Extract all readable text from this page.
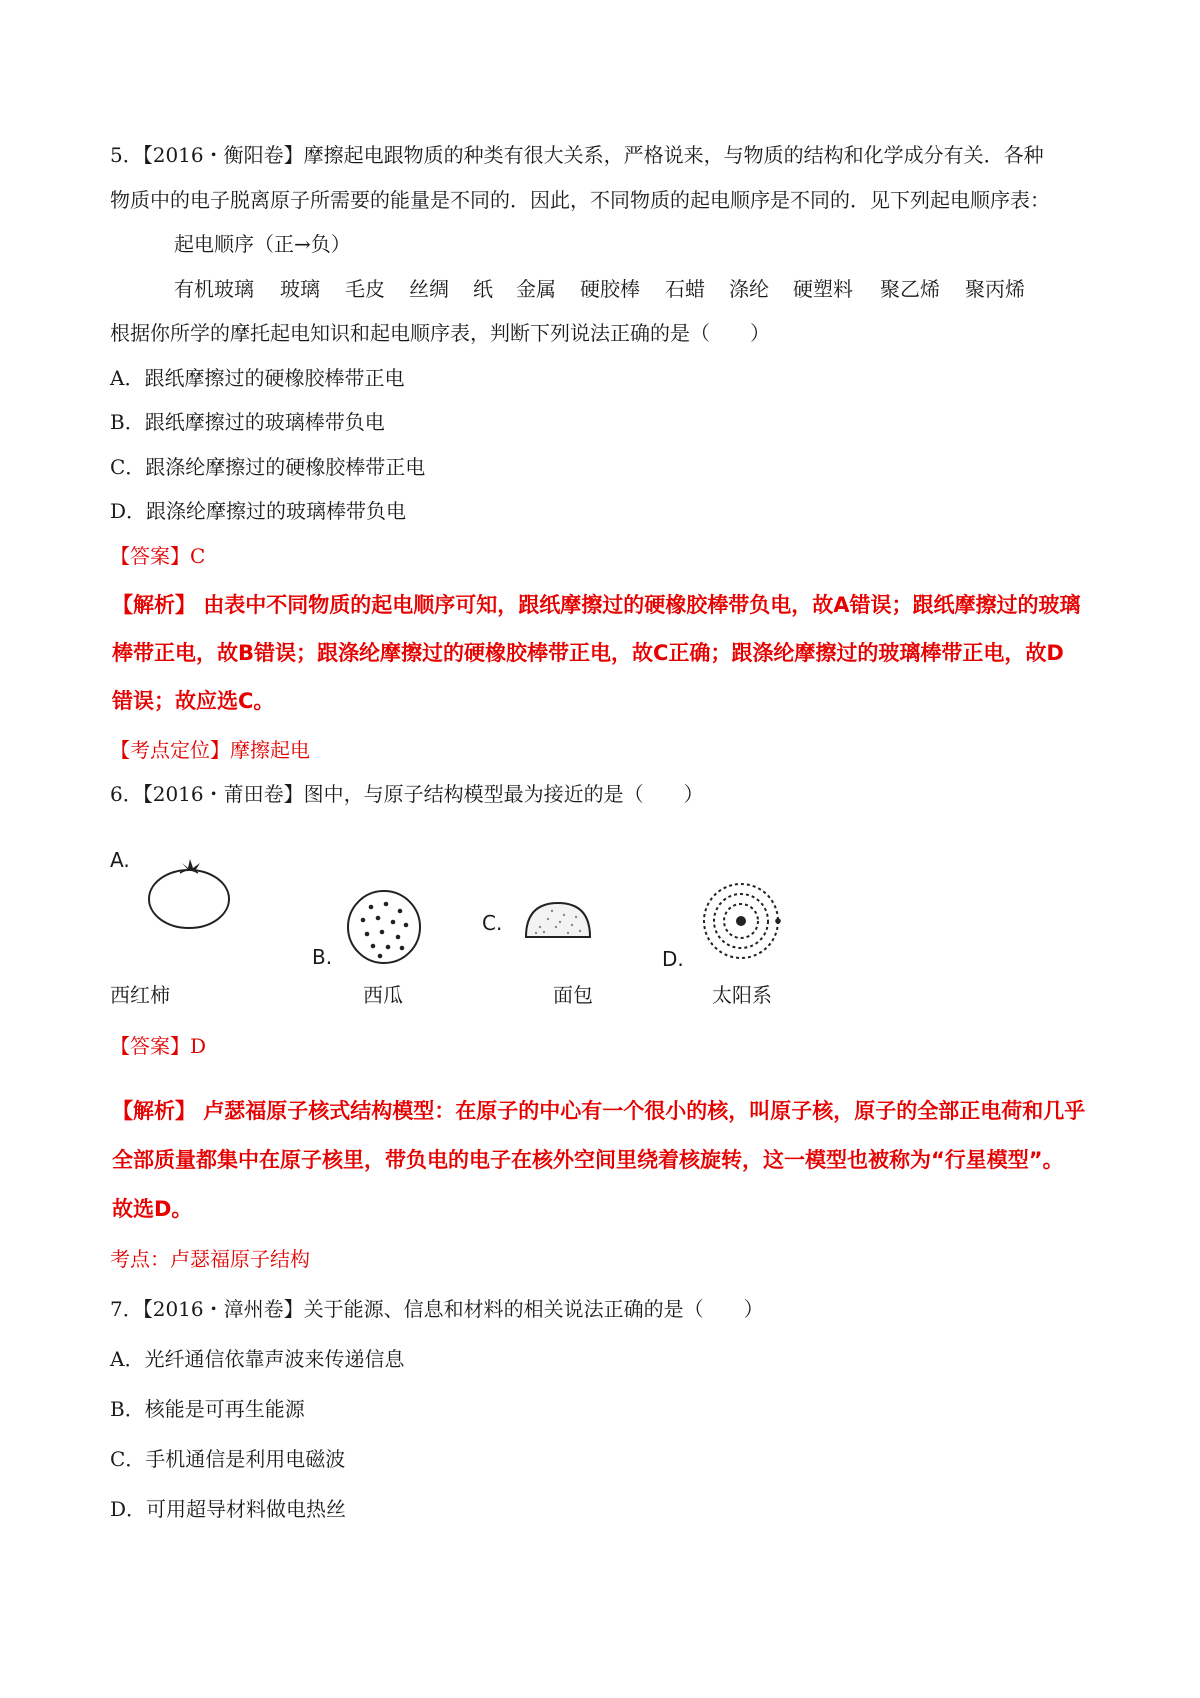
5．【2016・衡阳卷】摩擦起电跟物质的种类有很大关系，严格说来，与物质的结构和化学成分有关．各种
物质中的电子脱离原子所需要的能量是不同的．因此，不同物质的起电顺序是不同的．见下列起电顺序表：
起电顺序（正→负）
有机玻璃 玻璃 毛皮 丝绸 纸 金属 硬胶棒 石蜡 涤纶 硬塑料 聚乙烯 聚丙烯
根据你所学的摩托起电知识和起电顺序表，判断下列说法正确的是（　　）
A．跟纸摩擦过的硬橡胶棒带正电
B．跟纸摩擦过的玻璃棒带负电
C．跟涤纶摩擦过的硬橡胶棒带正电
D．跟涤纶摩擦过的玻璃棒带负电
【答案】C
【解析】 由表中不同物质的起电顺序可知，跟纸摩擦过的硬橡胶棒带负电，故A错误；跟纸摩擦过的玻璃
棒带正电，故B错误；跟涤纶摩擦过的硬橡胶棒带正电，故C正确；跟涤纶摩擦过的玻璃棒带正电，故D
错误；故应选C。
【考点定位】摩擦起电
6．【2016・莆田卷】图中，与原子结构模型最为接近的是（　　）
A.
B.
C.
D.
西红柿	西瓜	面包	太阳系
【答案】D
【解析】 卢瑟福原子核式结构模型：在原子的中心有一个很小的核，叫原子核，原子的全部正电荷和几乎
全部质量都集中在原子核里，带负电的电子在核外空间里绕着核旋转，这一模型也被称为“行星模型”。
故选D。
考点：卢瑟福原子结构
7．【2016・漳州卷】关于能源、信息和材料的相关说法正确的是（　　）
A．光纤通信依靠声波来传递信息
B．核能是可再生能源
C．手机通信是利用电磁波
D．可用超导材料做电热丝
